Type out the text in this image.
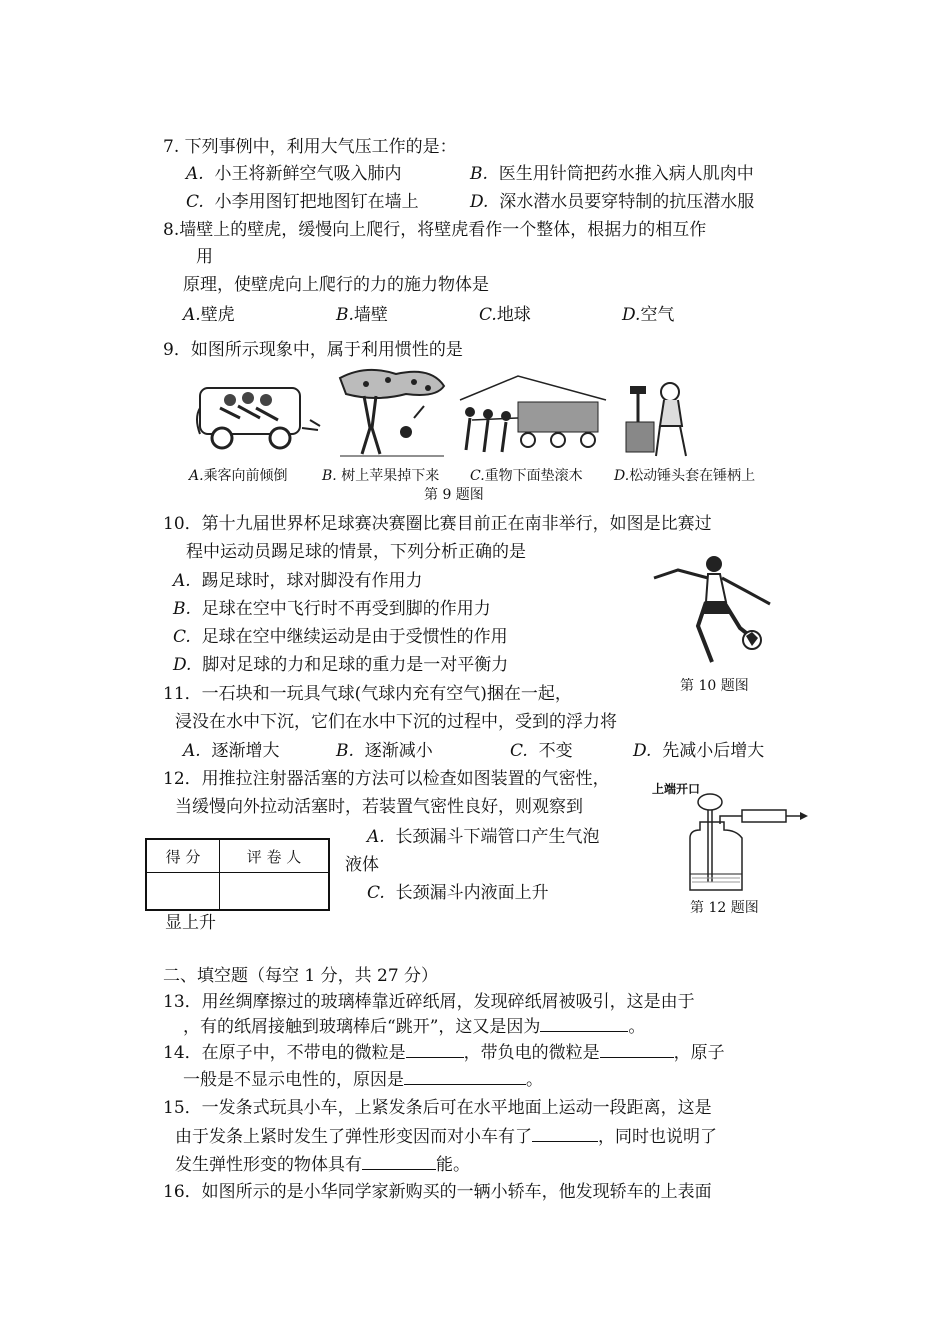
7. 下列事例中，利用大气压工作的是：
A. 小王将新鲜空气吸入肺内	B. 医生用针筒把药水推入病人肌肉中
C. 小李用图钉把地图钉在墙上	D. 深水潜水员要穿特制的抗压潜水服
8.墙壁上的壁虎，缓慢向上爬行，将壁虎看作一个整体，根据力的相互作
用
原理，使壁虎向上爬行的力的施力物体是
A.壁虎	B.墙壁	C.地球	D.空气
9．如图所示现象中，属于利用惯性的是
A.乘客向前倾倒 B. 树上苹果掉下来 C.重物下面垫滚木 D.松动锤头套在锤柄上
第 9 题图
10．第十九届世界杯足球赛决赛圈比赛目前正在南非举行，如图是比赛过
程中运动员踢足球的情景，下列分析正确的是
A. 踢足球时，球对脚没有作用力
B. 足球在空中飞行时不再受到脚的作用力
C. 足球在空中继续运动是由于受惯性的作用
D. 脚对足球的力和足球的重力是一对平衡力
第 10 题图
11．一石块和一玩具气球(气球内充有空气)捆在一起，
浸没在水中下沉，它们在水中下沉的过程中，受到的浮力将
A. 逐渐增大	B. 逐渐减小	C. 不变	D. 先减小后增大
12．用推拉注射器活塞的方法可以检查如图装置的气密性，
当缓慢向外拉动活塞时，若装置气密性良好，则观察到
A. 长颈漏斗下端管口产生气泡
液体
C. 长颈漏斗内液面上升
显上升
上端开口
第 12 题图
得 分	评 卷 人

二、填空题（每空 1 分，共 27 分）
13．用丝绸摩擦过的玻璃棒靠近碎纸屑，发现碎纸屑被吸引，这是由于
，有的纸屑接触到玻璃棒后“跳开”，这又是因为	。
14．在原子中，不带电的微粒是	，带负电的微粒是	，原子
一般是不显示电性的，原因是	。
15．一发条式玩具小车，上紧发条后可在水平地面上运动一段距离，这是
由于发条上紧时发生了弹性形变因而对小车有了	，同时也说明了
发生弹性形变的物体具有	能。
16．如图所示的是小华同学家新购买的一辆小轿车，他发现轿车的上表面
